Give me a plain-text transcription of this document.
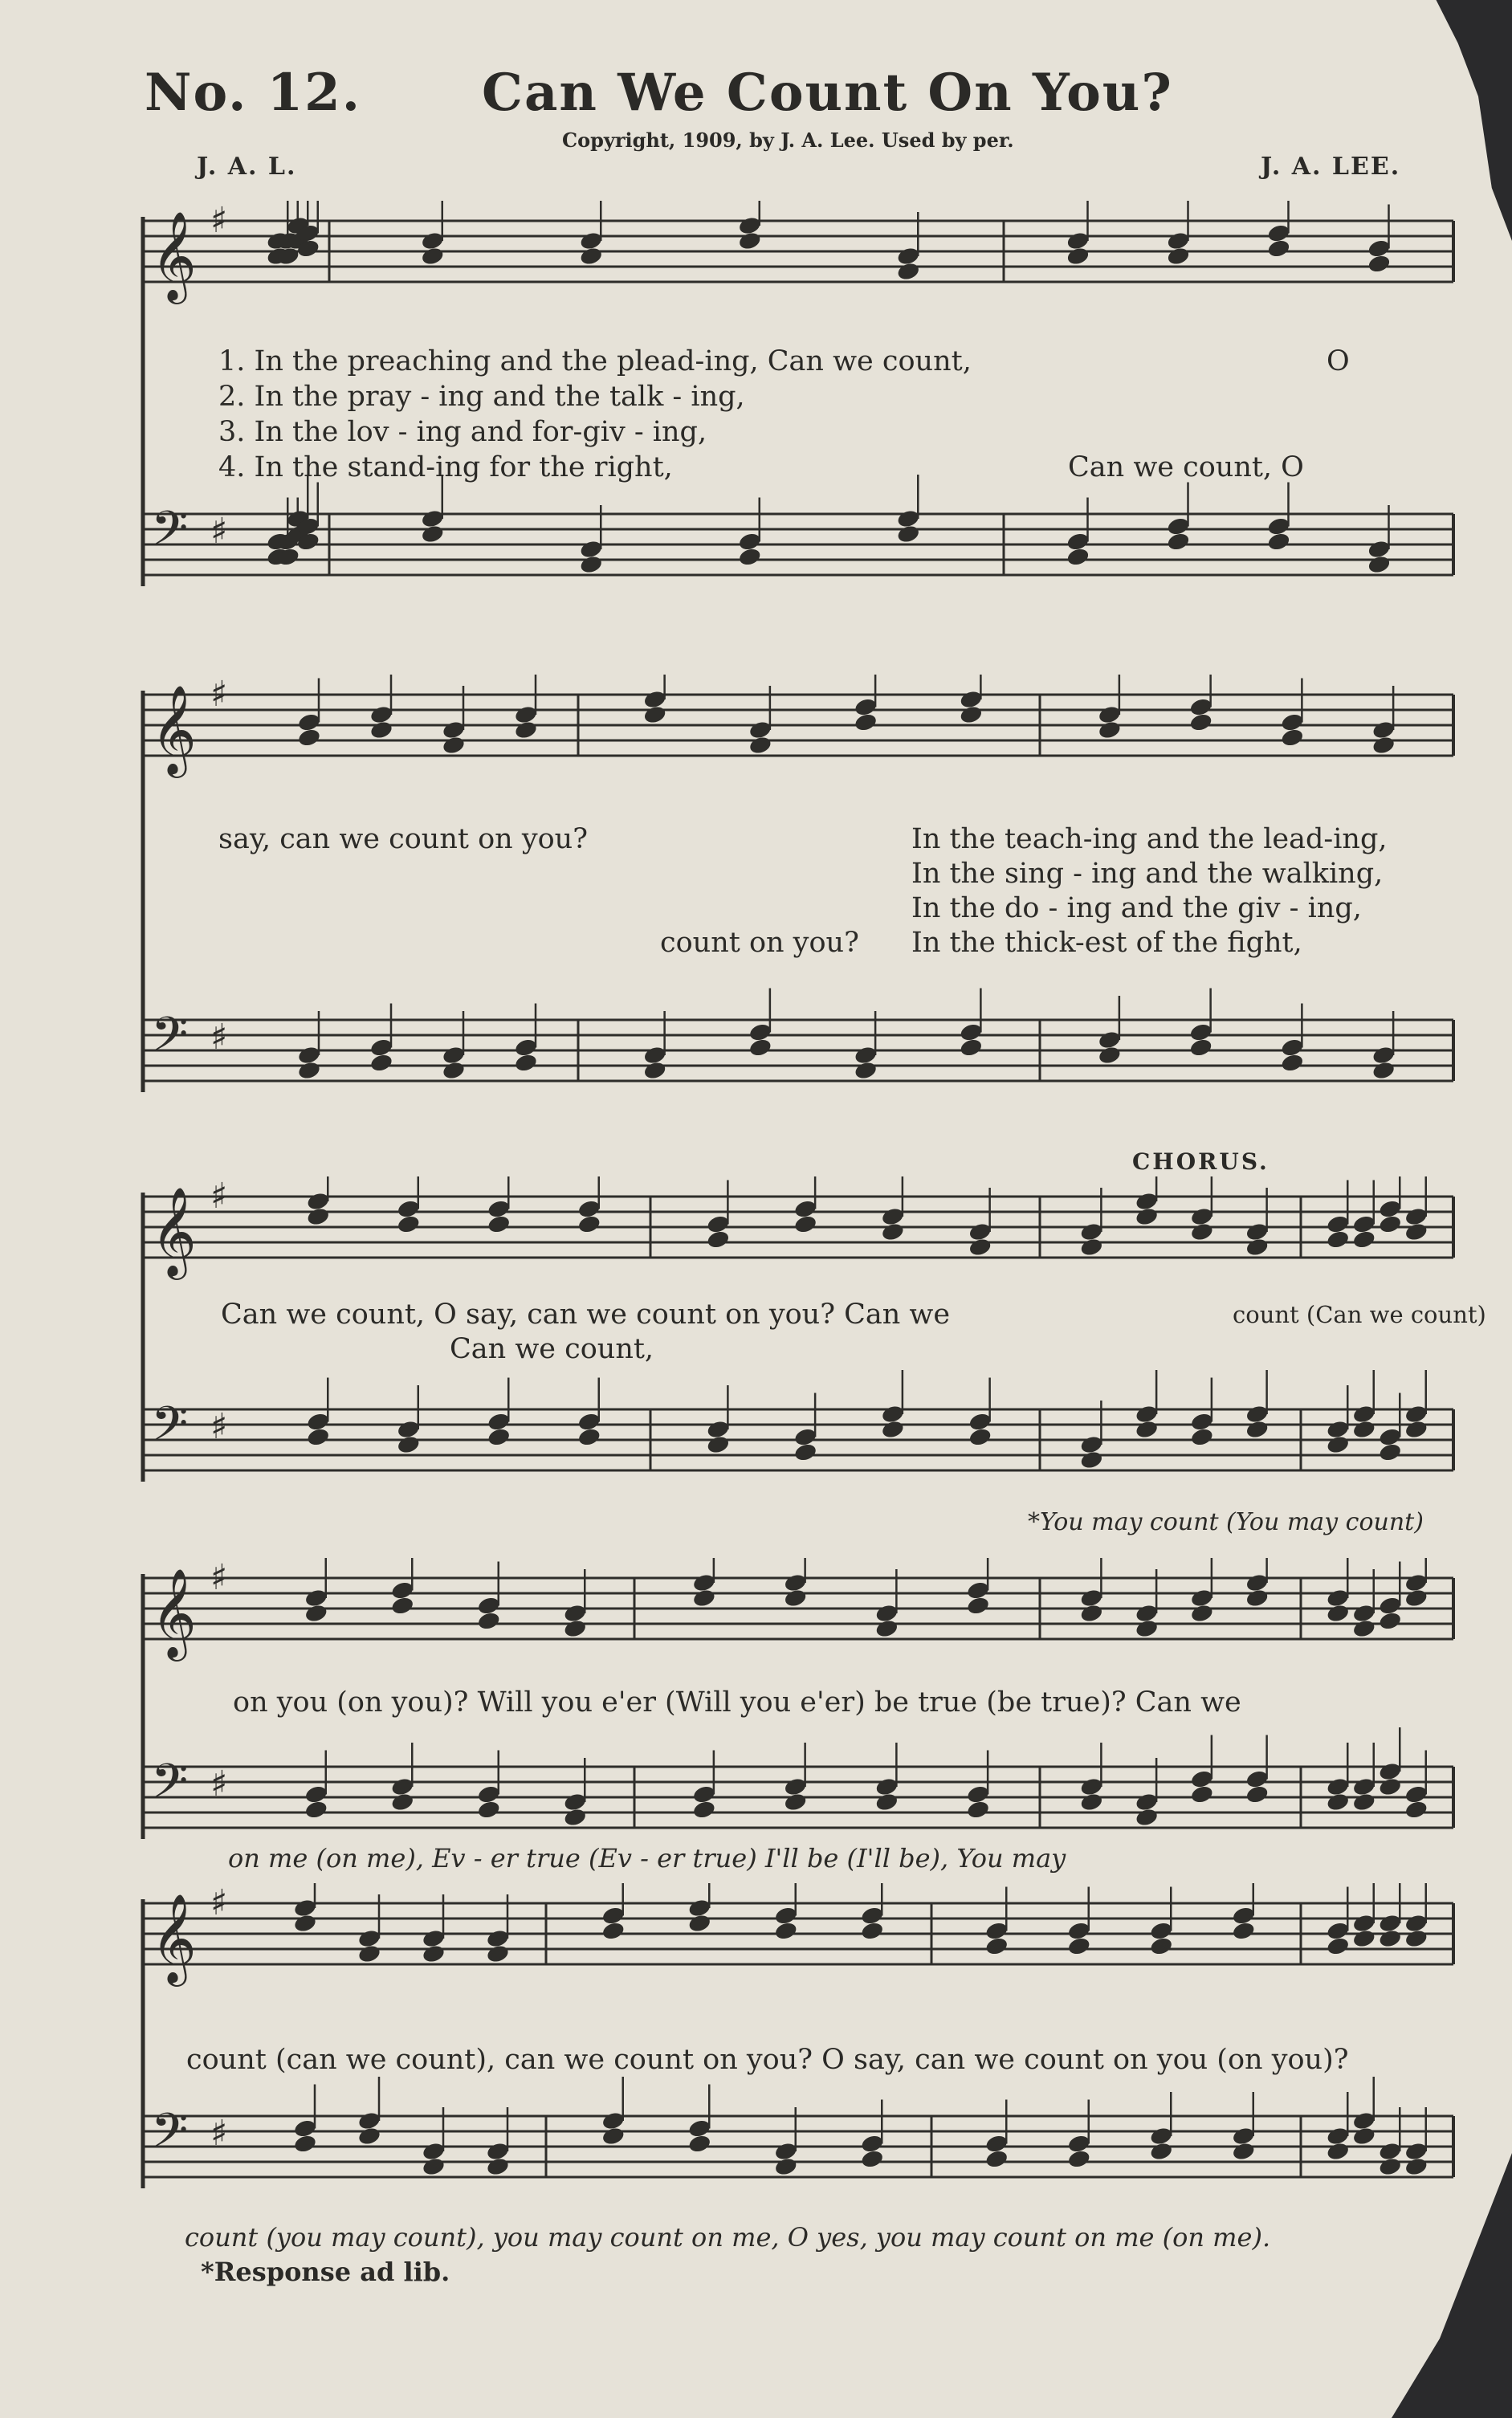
No. 12. Can We Count On You?
Copyright, 1909, by J. A. Lee. Used by per.
J. A. L.	J. A. LEE.
𝄞 ♯
𝄢 ♯
1. In the preaching and the plead-ing, Can we count,	O
2. In the pray - ing and the talk - ing,
3. In the lov - ing and for-giv - ing,
4. In the stand-ing for the right,	Can we count, O
𝄞 ♯
𝄢 ♯
say, can we count on you?	In the teach-ing and the lead-ing,
In the sing - ing and the walking,
In the do - ing and the giv - ing,
count on you? In the thick-est of the fight,
CHORUS.
𝄞 ♯
𝄢 ♯
Can we count, O say, can we count on you? Can we	count (Can we count)
Can we count,
*You may count (You may count)
𝄞 ♯
𝄢 ♯
on you (on you)? Will you e'er (Will you e'er) be true (be true)? Can we
on me (on me), Ev - er true (Ev - er true) I'll be (I'll be), You may
𝄞 ♯
𝄢 ♯
count (can we count), can we count on you? O say, can we count on you (on you)?
count (you may count), you may count on me, O yes, you may count on me (on me).
*Response ad lib.
